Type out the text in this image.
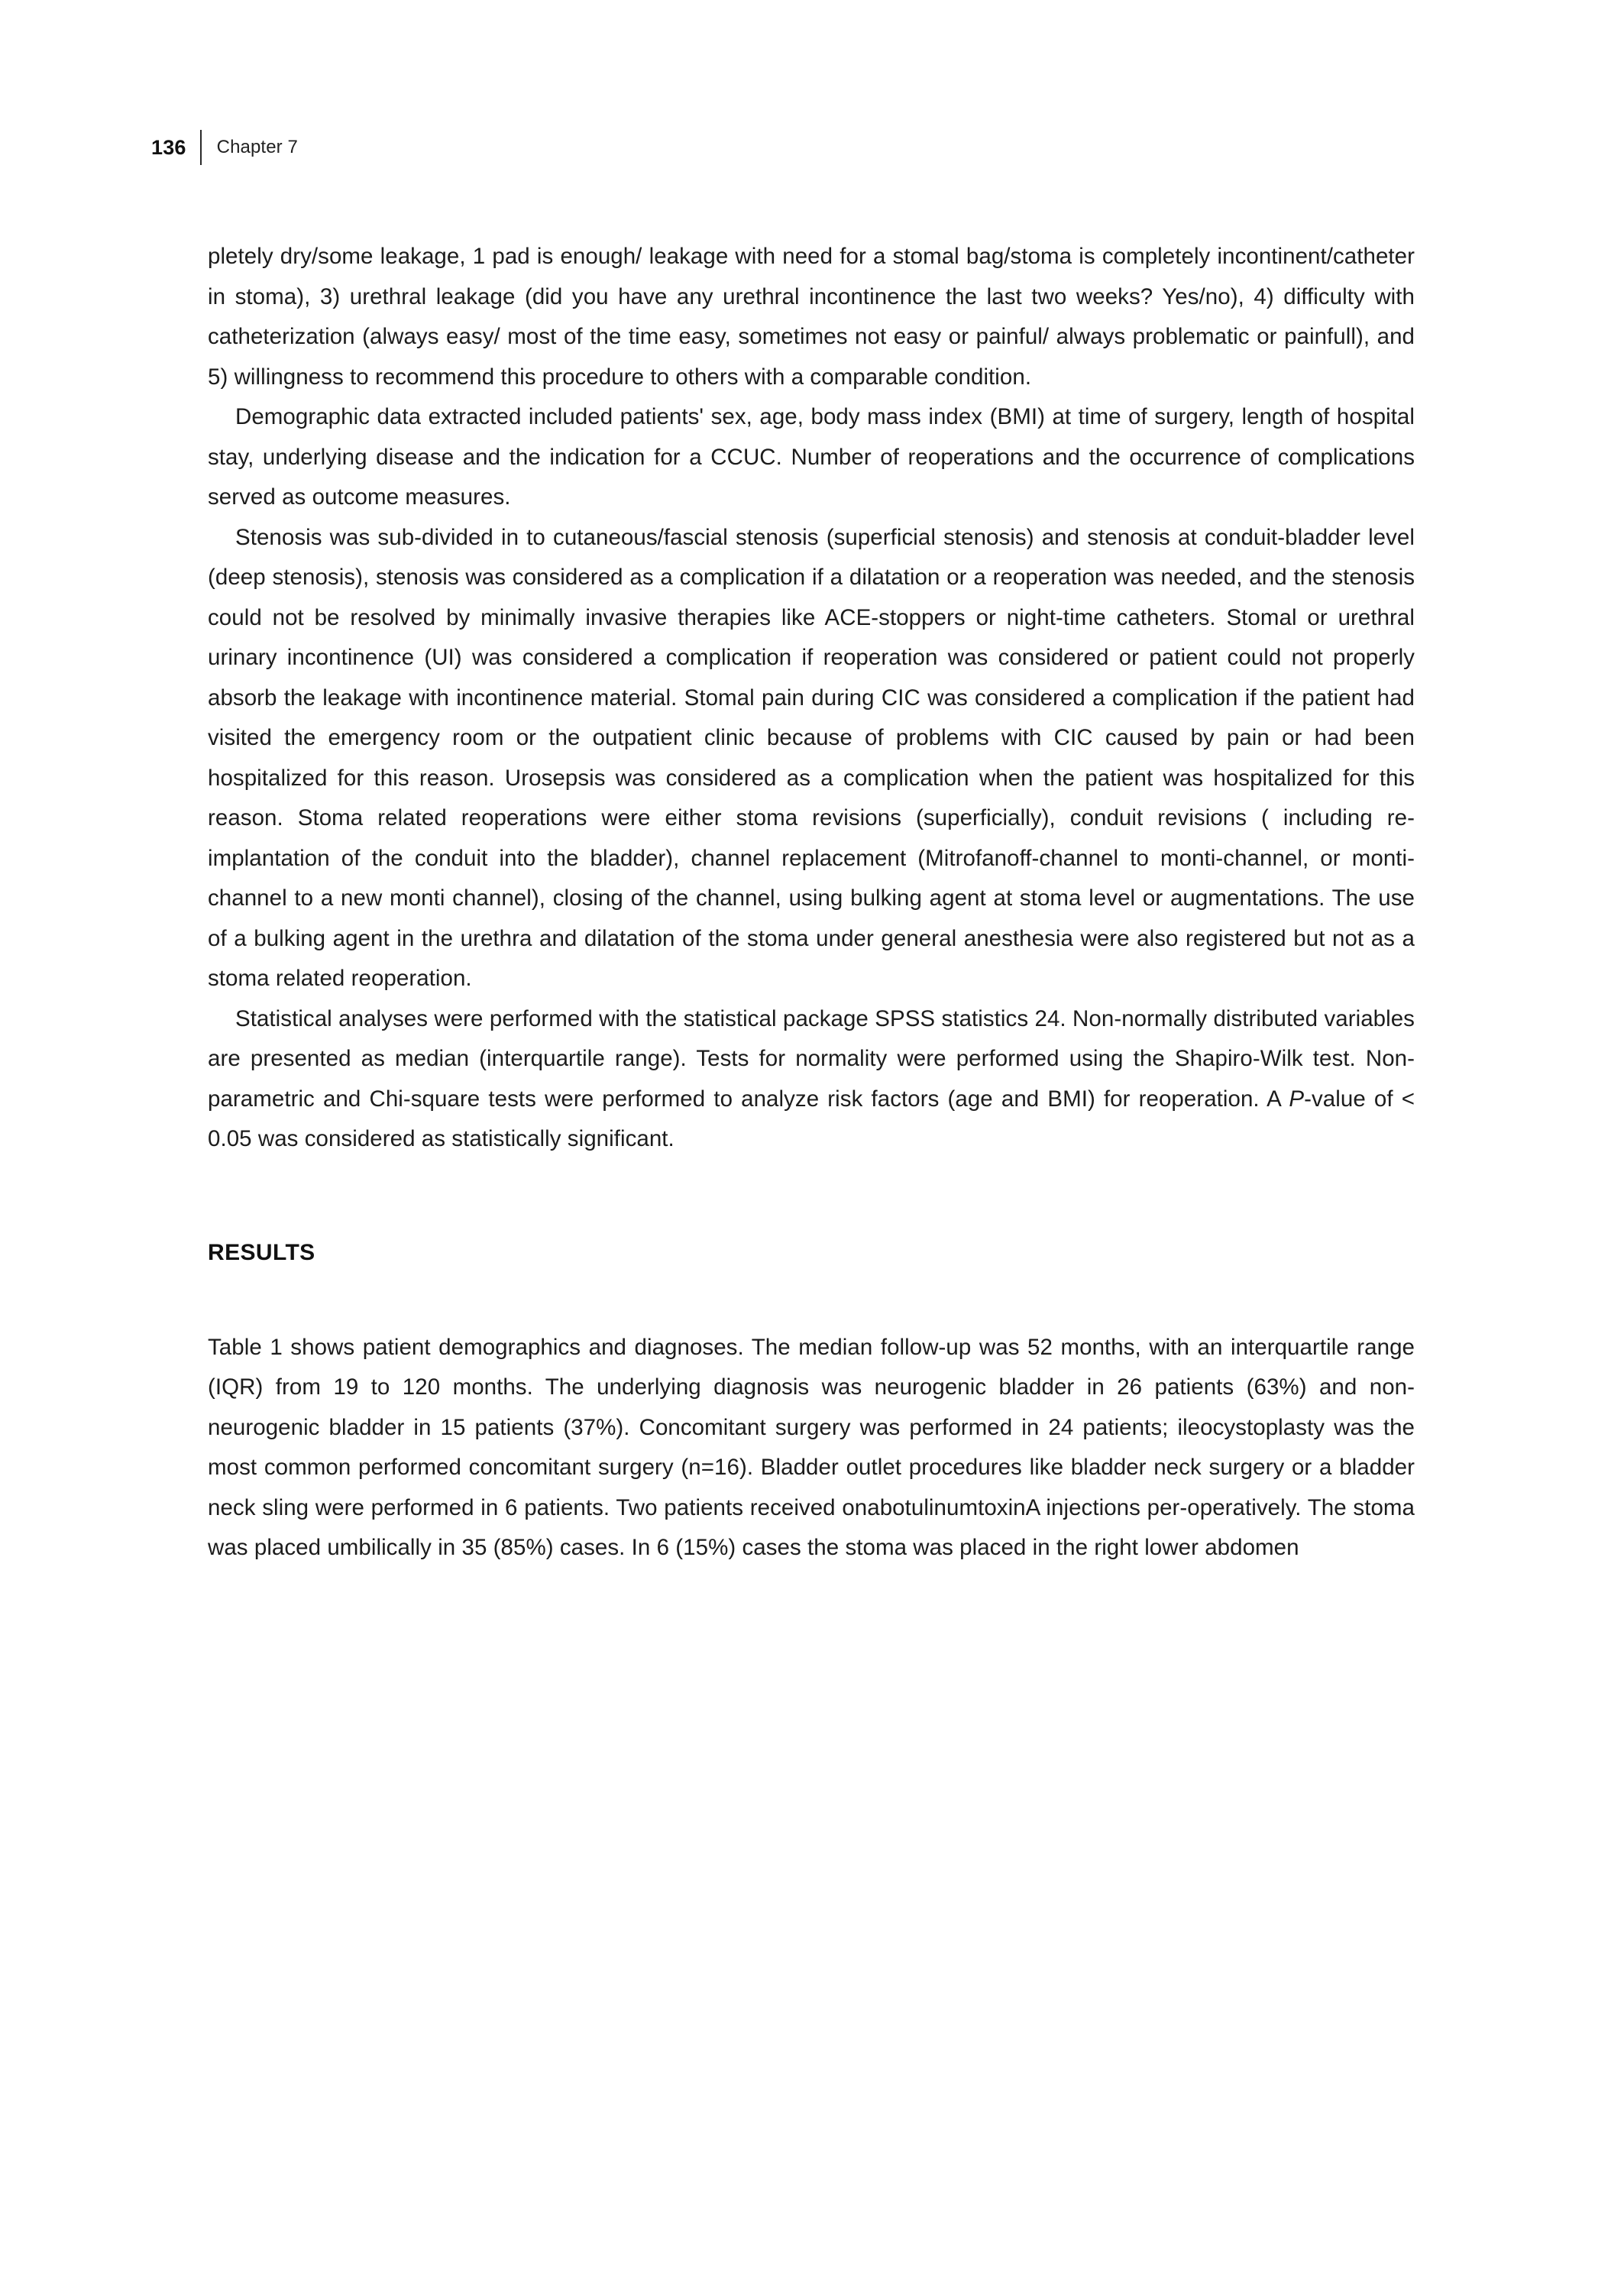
136	Chapter 7

pletely dry/some leakage, 1 pad is enough/ leakage with need for a stomal bag/stoma is completely incontinent/catheter in stoma), 3) urethral leakage (did you have any urethral incontinence the last two weeks? Yes/no), 4) difficulty with catheterization (always easy/ most of the time easy, sometimes not easy or painful/ always problematic or painfull), and 5) willingness to recommend this procedure to others with a comparable condition.

Demographic data extracted included patients' sex, age, body mass index (BMI) at time of surgery, length of hospital stay, underlying disease and the indication for a CCUC. Number of reoperations and the occurrence of complications served as outcome measures.

Stenosis was sub-divided in to cutaneous/fascial stenosis (superficial stenosis) and stenosis at conduit-bladder level (deep stenosis), stenosis was considered as a complication if a dilatation or a reoperation was needed, and the stenosis could not be resolved by minimally invasive therapies like ACE-stoppers or night-time catheters. Stomal or urethral urinary incontinence (UI) was considered a complication if reoperation was considered or patient could not properly absorb the leakage with incontinence material. Stomal pain during CIC was considered a complication if the patient had visited the emergency room or the outpatient clinic because of problems with CIC caused by pain or had been hospitalized for this reason. Urosepsis was considered as a complication when the patient was hospitalized for this reason. Stoma related reoperations were either stoma revisions (superficially), conduit revisions ( including re-implantation of the conduit into the bladder), channel replacement (Mitrofanoff-channel to monti-channel, or monti-channel to a new monti channel), closing of the channel, using bulking agent at stoma level or augmentations. The use of a bulking agent in the urethra and dilatation of the stoma under general anesthesia were also registered but not as a stoma related reoperation.

Statistical analyses were performed with the statistical package SPSS statistics 24. Non-normally distributed variables are presented as median (interquartile range). Tests for normality were performed using the Shapiro-Wilk test. Non-parametric and Chi-square tests were performed to analyze risk factors (age and BMI) for reoperation. A P-value of < 0.05 was considered as statistically significant.

RESULTS

Table 1 shows patient demographics and diagnoses. The median follow-up was 52 months, with an interquartile range (IQR) from 19 to 120 months. The underlying diagnosis was neurogenic bladder in 26 patients (63%) and non-neurogenic bladder in 15 patients (37%). Concomitant surgery was performed in 24 patients; ileocystoplasty was the most common performed concomitant surgery (n=16). Bladder outlet procedures like bladder neck surgery or a bladder neck sling were performed in 6 patients. Two patients received onabotulinumtoxinA injections per-operatively. The stoma was placed umbilically in 35 (85%) cases. In 6 (15%) cases the stoma was placed in the right lower abdomen
